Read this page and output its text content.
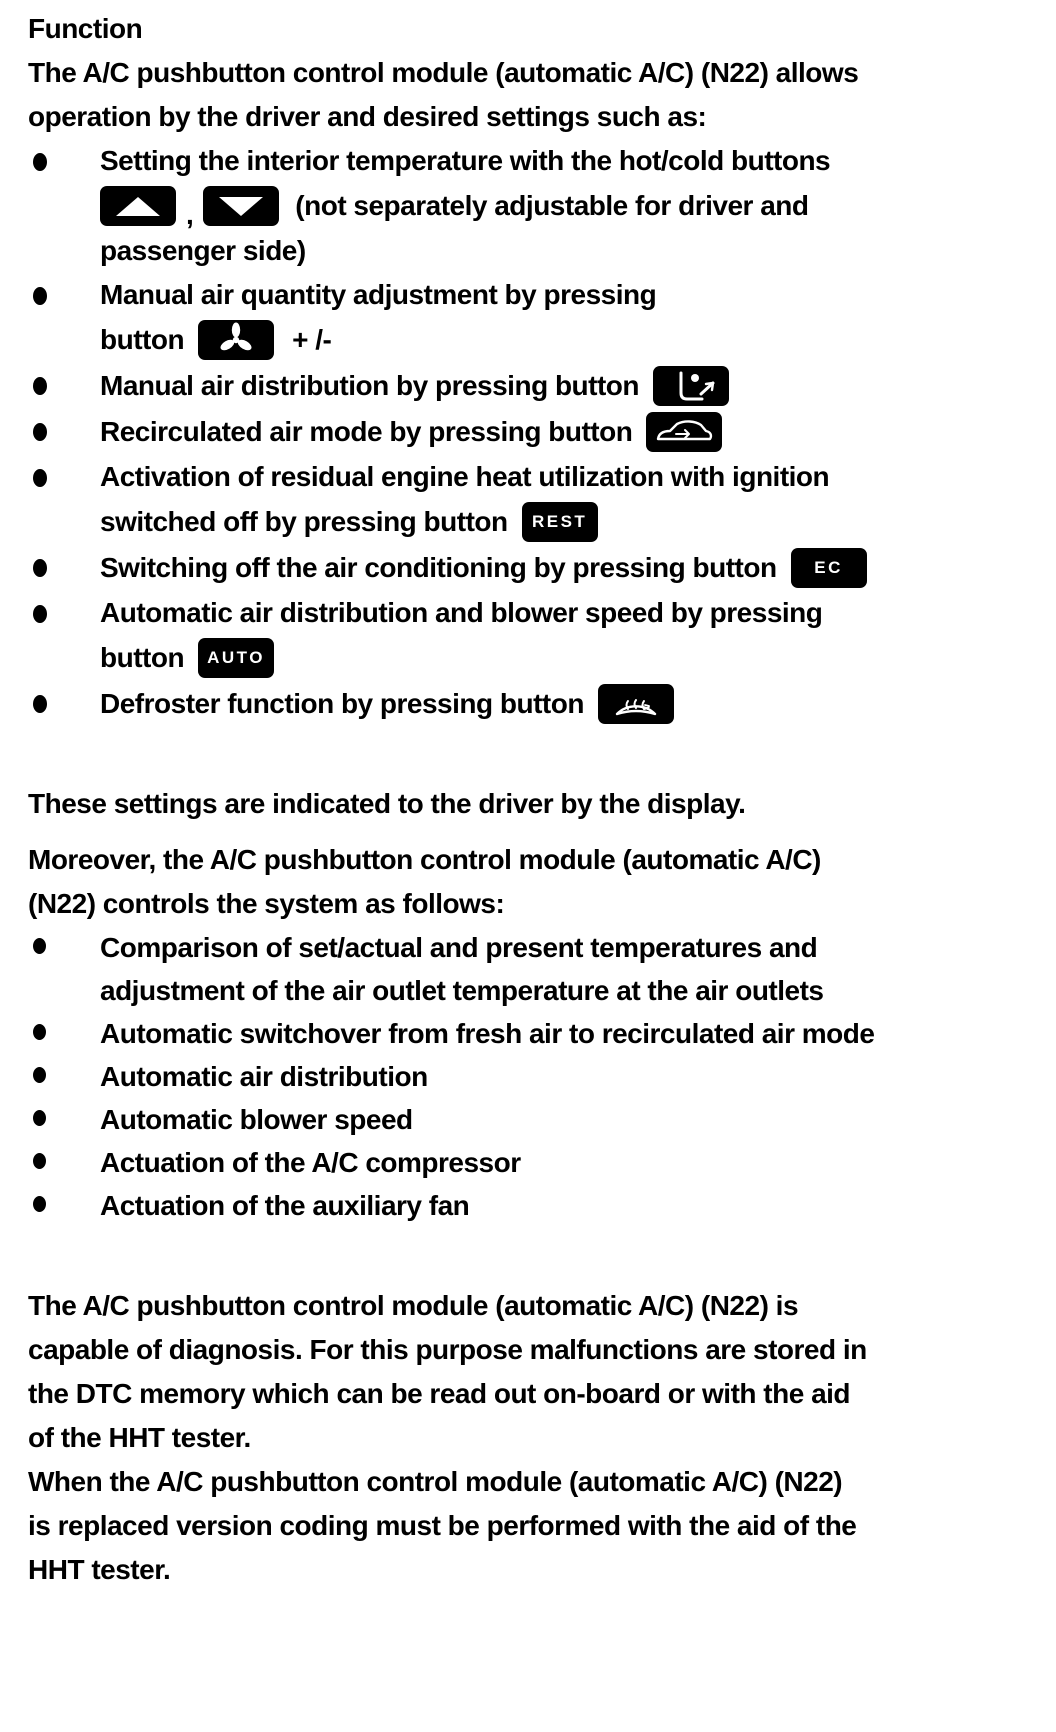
Function
The A/C pushbutton control module (automatic A/C) (N22) allows
operation by the driver and desired settings such as:
Setting the interior temperature with the hot/cold buttons
,	(not separately adjustable for driver and
passenger side)
Manual air quantity adjustment by pressing
button	+ /-
Manual air distribution by pressing button
Recirculated air mode by pressing button
Activation of residual engine heat utilization with ignition
switched off by pressing button	REST
Switching off the air conditioning by pressing button	EC
Automatic air distribution and blower speed by pressing
button	AUTO
Defroster function by pressing button
These settings are indicated to the driver by the display.
Moreover, the A/C pushbutton control module (automatic A/C)
(N22) controls the system as follows:
Comparison of set/actual and present temperatures and
adjustment of the air outlet temperature at the air outlets
Automatic switchover from fresh air to recirculated air mode
Automatic air distribution
Automatic blower speed
Actuation of the A/C compressor
Actuation of the auxiliary fan
The A/C pushbutton control module (automatic A/C) (N22) is
capable of diagnosis. For this purpose malfunctions are stored in
the DTC memory which can be read out on-board or with the aid
of the HHT tester.
When the A/C pushbutton control module (automatic A/C) (N22)
is replaced version coding must be performed with the aid of the
HHT tester.
